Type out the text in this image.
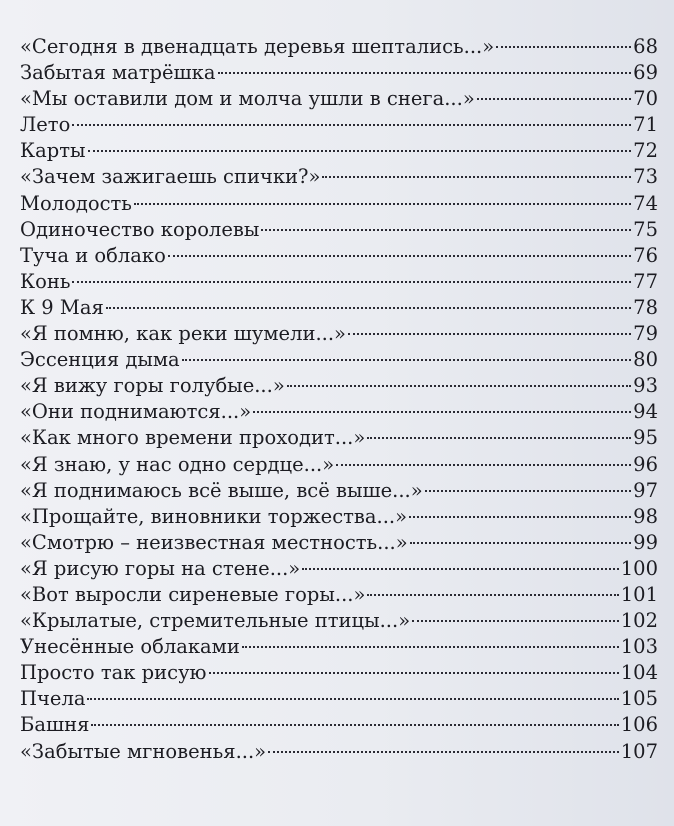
«Сегодня в двенадцать деревья шептались...»	68
Забытая матрёшка	69
«Мы оставили дом и молча ушли в снега...»	70
Лето	71
Карты	72
«Зачем зажигаешь спички?»	73
Молодость	74
Одиночество королевы	75
Туча и облако	76
Конь	77
К 9 Мая	78
«Я помню, как реки шумели...»	79
Эссенция дыма	80
«Я вижу горы голубые...»	93
«Они поднимаются...»	94
«Как много времени проходит...»	95
«Я знаю, у нас одно сердце...»	96
«Я поднимаюсь всё выше, всё выше...»	97
«Прощайте, виновники торжества...»	98
«Смотрю – неизвестная местность...»	99
«Я рисую горы на стене...»	100
«Вот выросли сиреневые горы...»	101
«Крылатые, стремительные птицы...»	102
Унесённые облаками	103
Просто так рисую	104
Пчела	105
Башня	106
«Забытые мгновенья...»	107
